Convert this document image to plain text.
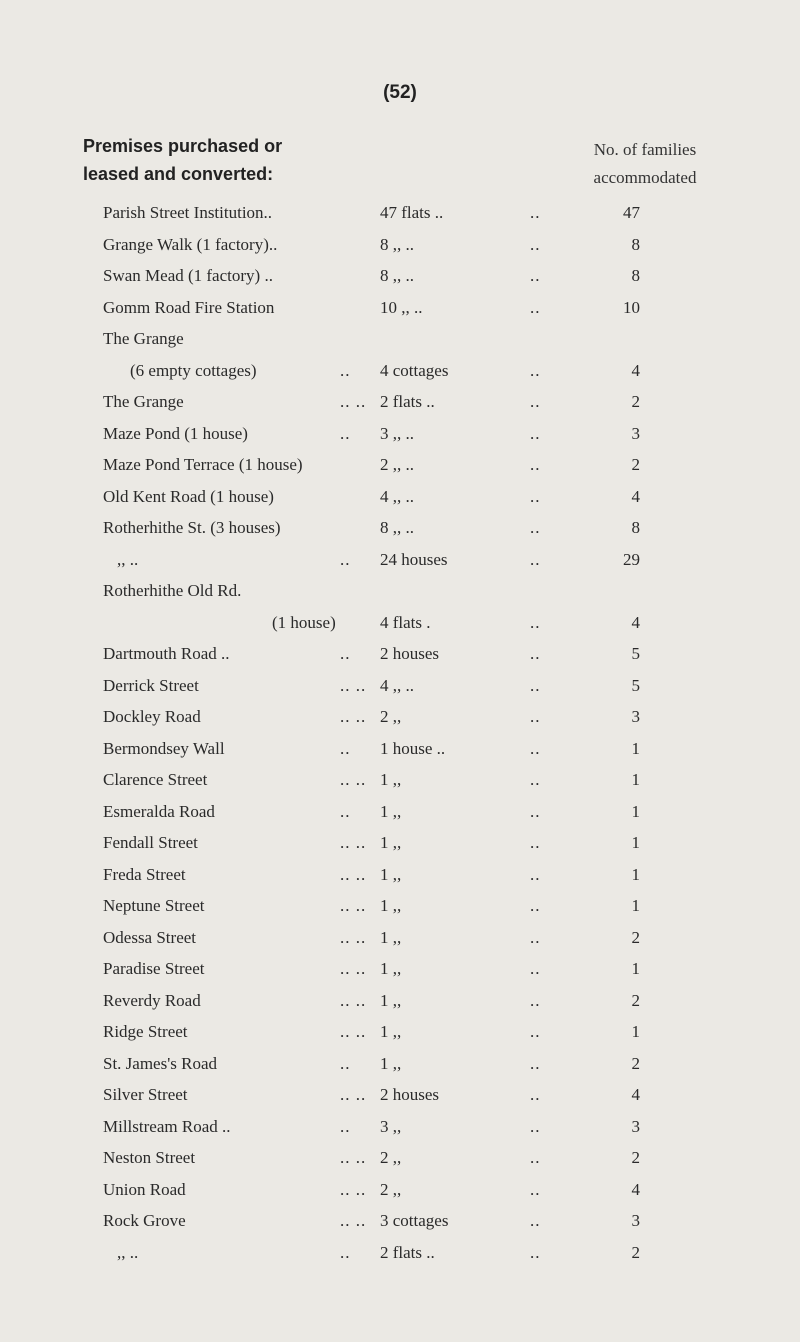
(52)
Premises purchased or
leased and converted:
No. of families
accommodated
Parish Street Institution..	47 flats ..	..	47
Grange Walk (1 factory)..	8 ,, ..	..	8
Swan Mead (1 factory) ..	8 ,, ..	..	8
Gomm Road Fire Station	10 ,, ..	..	10
The Grange
(6 empty cottages)	.. 4 cottages	..	4
The Grange	.. .. 2 flats ..	..	2
Maze Pond (1 house)	.. 3 ,, ..	..	3
Maze Pond Terrace (1 house)	2 ,, ..	..	2
Old Kent Road (1 house)	4 ,, ..	..	4
Rotherhithe St. (3 houses)	8 ,, ..	..	8
,, ..	.. 24 houses	..	29
Rotherhithe Old Rd.
(1 house)	4 flats .	..	4
Dartmouth Road ..	.. 2 houses	..	5
Derrick Street	.. .. 4 ,, ..	..	5
Dockley Road	.. .. 2 ,,	..	3
Bermondsey Wall	.. 1 house ..	..	1
Clarence Street	.. .. 1 ,,	..	1
Esmeralda Road	.. 1 ,,	..	1
Fendall Street	.. .. 1 ,,	..	1
Freda Street	.. .. 1 ,,	..	1
Neptune Street	.. .. 1 ,,	..	1
Odessa Street	.. .. 1 ,,	..	2
Paradise Street	.. .. 1 ,,	..	1
Reverdy Road	.. .. 1 ,,	..	2
Ridge Street	.. .. 1 ,,	..	1
St. James's Road	.. 1 ,,	..	2
Silver Street	.. .. 2 houses	..	4
Millstream Road ..	.. 3 ,,	..	3
Neston Street	.. .. 2 ,,	..	2
Union Road	.. .. 2 ,,	..	4
Rock Grove	.. .. 3 cottages	..	3
,, ..	.. 2 flats ..	..	2
